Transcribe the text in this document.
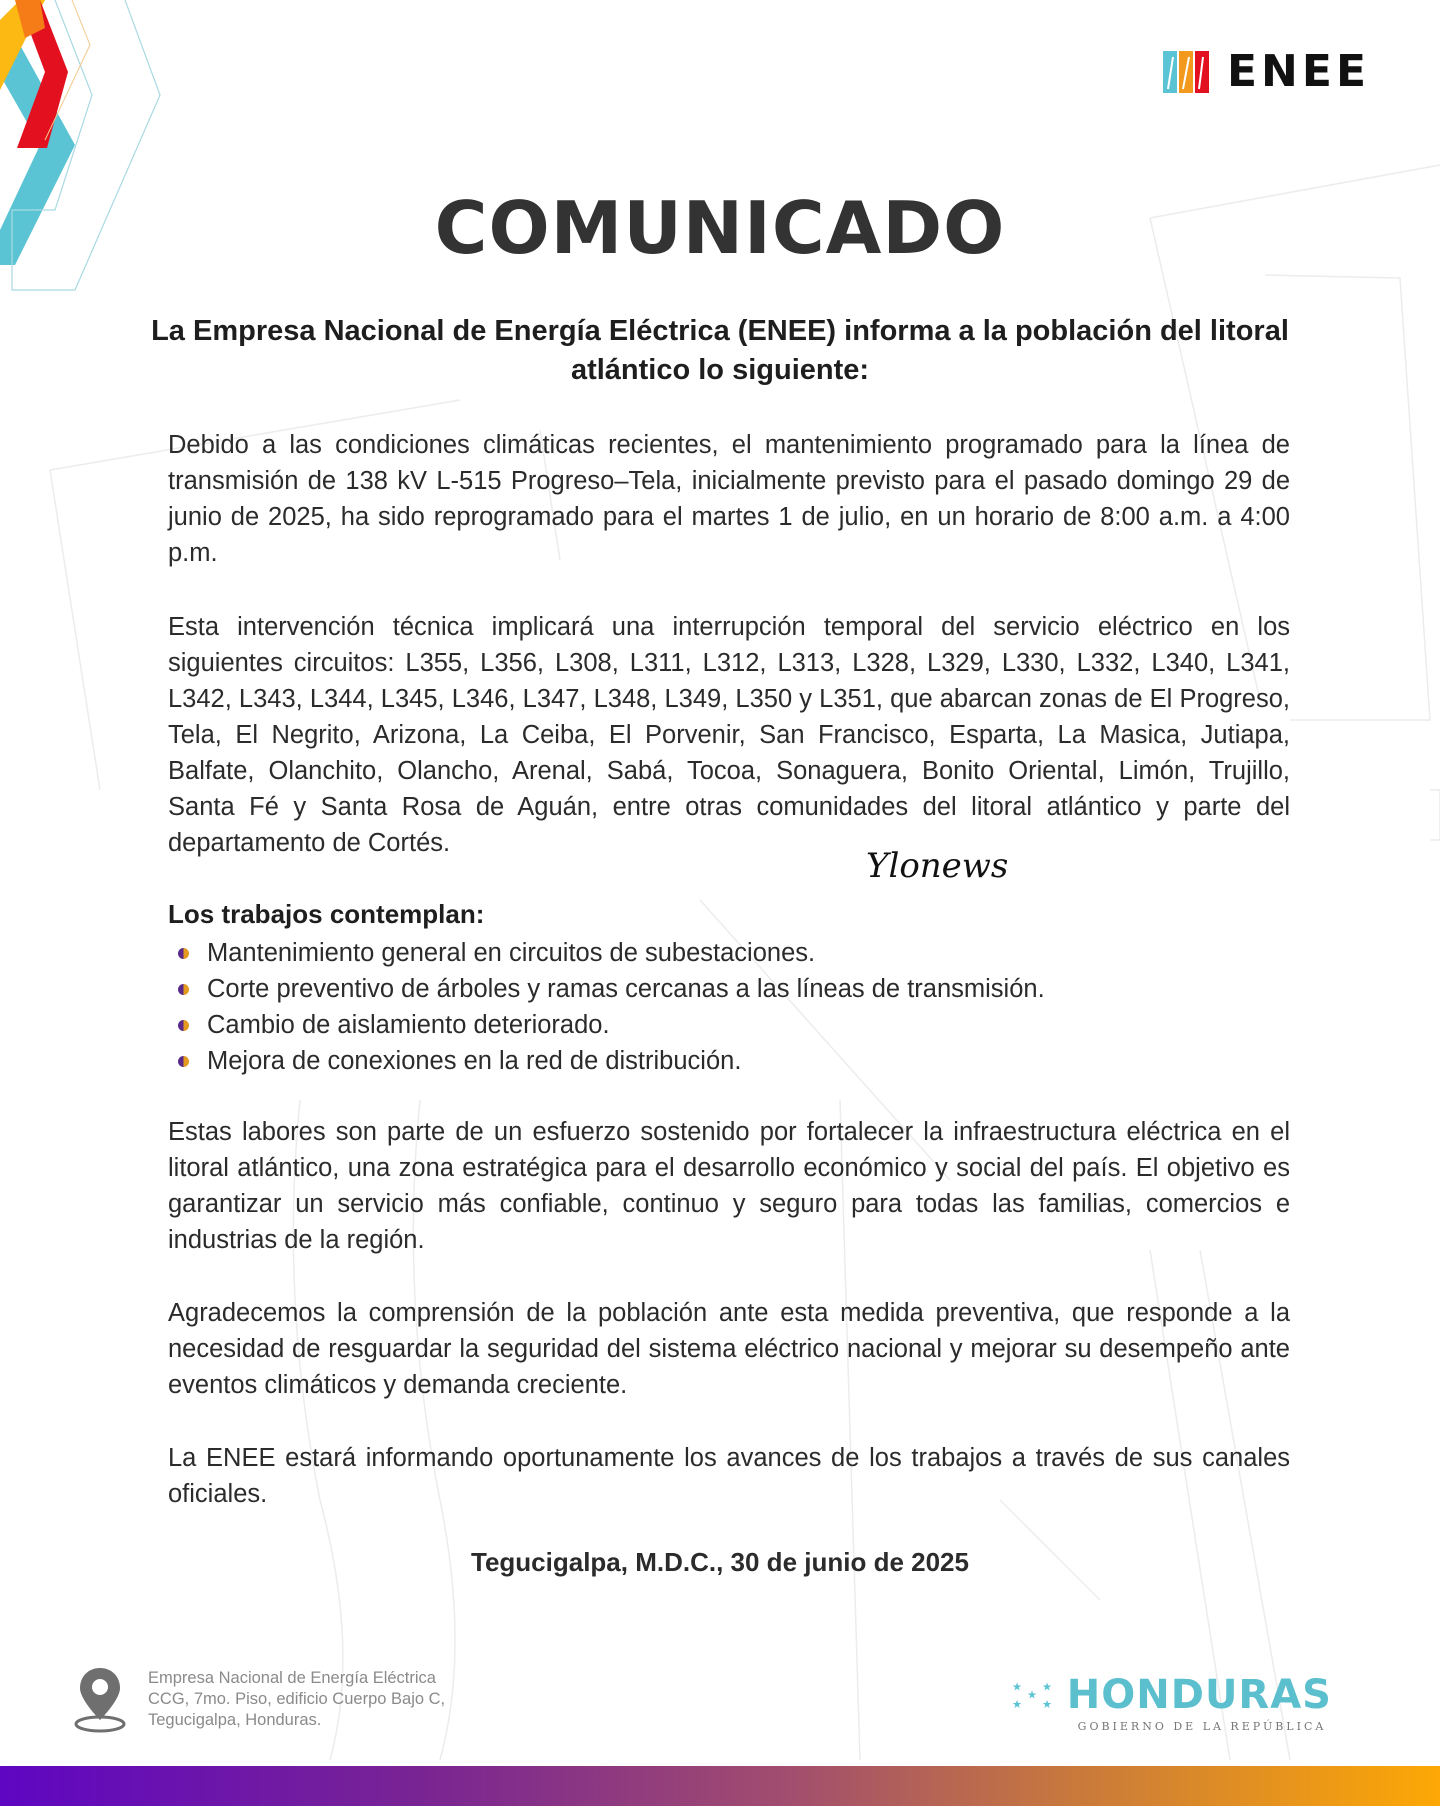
ENEE
COMUNICADO
La Empresa Nacional de Energía Eléctrica (ENEE) informa a la población del litoral atlántico lo siguiente:

Debido a las condiciones climáticas recientes, el mantenimiento programado para la línea de transmisión de 138 kV L-515 Progreso–Tela, inicialmente previsto para el pasado domingo 29 de junio de 2025, ha sido reprogramado para el martes 1 de julio, en un horario de 8:00 a.m. a 4:00 p.m.

Esta intervención técnica implicará una interrupción temporal del servicio eléctrico en los siguientes circuitos: L355, L356, L308, L311, L312, L313, L328, L329, L330, L332, L340, L341, L342, L343, L344, L345, L346, L347, L348, L349, L350 y L351, que abarcan zonas de El Progreso, Tela, El Negrito, Arizona, La Ceiba, El Porvenir, San Francisco, Esparta, La Masica, Jutiapa, Balfate, Olanchito, Olancho, Arenal, Sabá, Tocoa, Sonaguera, Bonito Oriental, Limón, Trujillo, Santa Fé y Santa Rosa de Aguán, entre otras comunidades del litoral atlántico y parte del departamento de Cortés.

Ylonews
Los trabajos contemplan:
Mantenimiento general en circuitos de subestaciones.
Corte preventivo de árboles y ramas cercanas a las líneas de transmisión.
Cambio de aislamiento deteriorado.
Mejora de conexiones en la red de distribución.

Estas labores son parte de un esfuerzo sostenido por fortalecer la infraestructura eléctrica en el litoral atlántico, una zona estratégica para el desarrollo económico y social del país. El objetivo es garantizar un servicio más confiable, continuo y seguro para todas las familias, comercios e industrias de la región.

Agradecemos la comprensión de la población ante esta medida preventiva, que responde a la necesidad de resguardar la seguridad del sistema eléctrico nacional y mejorar su desempeño ante eventos climáticos y demanda creciente.

La ENEE estará informando oportunamente los avances de los trabajos a través de sus canales oficiales.

Tegucigalpa, M.D.C., 30 de junio de 2025
Empresa Nacional de Energía Eléctrica
CCG, 7mo. Piso, edificio Cuerpo Bajo C,
Tegucigalpa, Honduras.
★ ★
★
★ ★ HONDURAS
GOBIERNO DE LA REPÚBLICA
